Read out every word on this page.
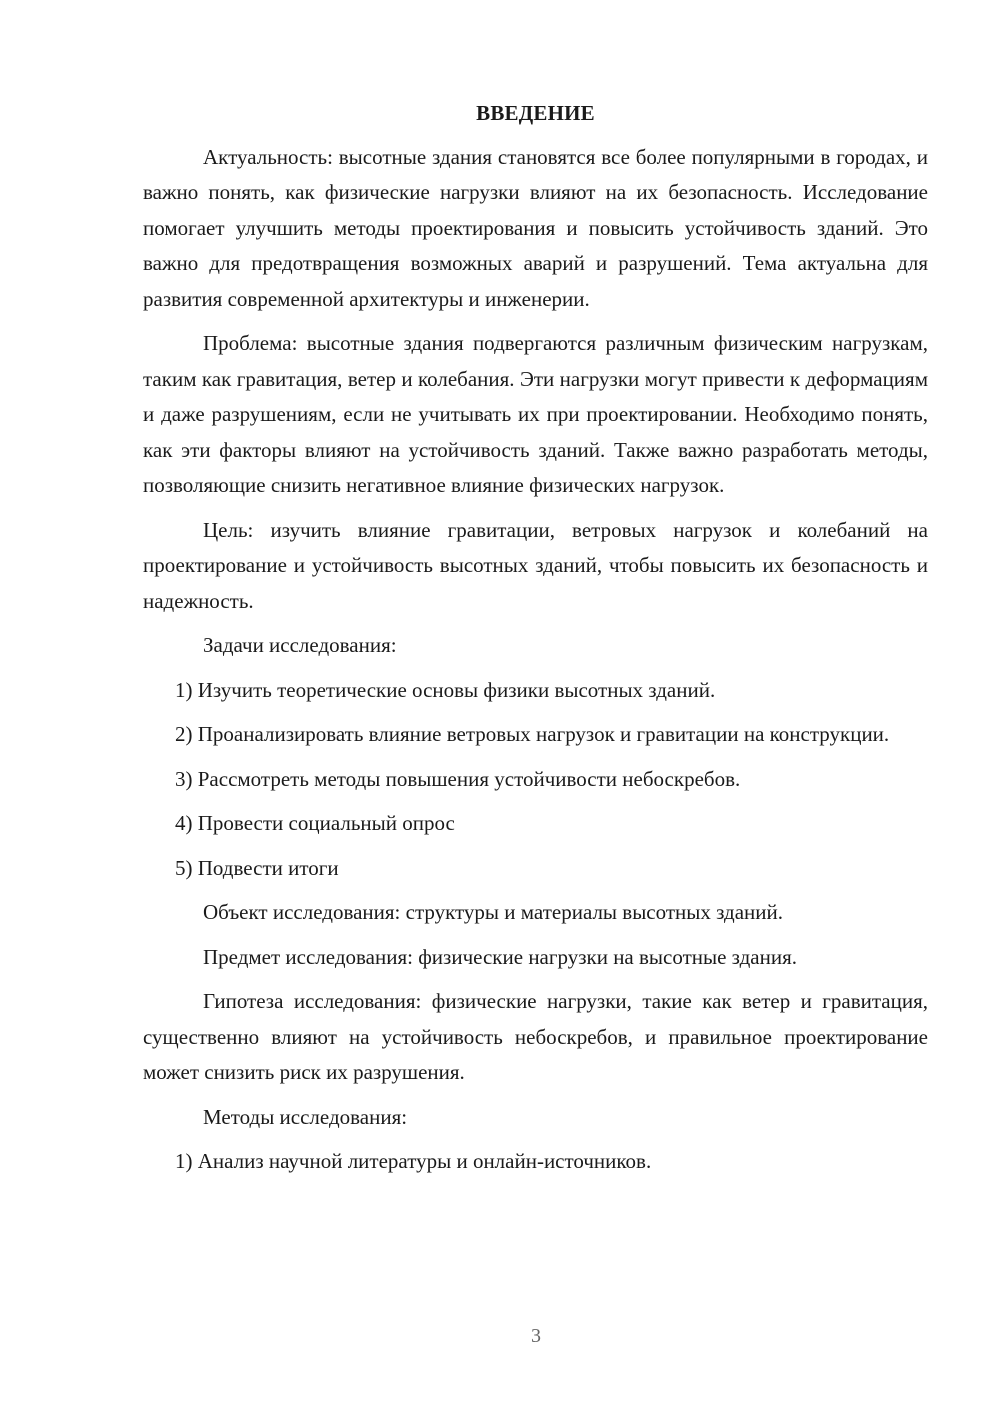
ВВЕДЕНИЕ

Актуальность: высотные здания становятся все более популярными в городах, и важно понять, как физические нагрузки влияют на их безопасность. Исследование помогает улучшить методы проектирования и повысить устойчивость зданий. Это важно для предотвращения возможных аварий и разрушений. Тема актуальна для развития современной архитектуры и инженерии.

Проблема: высотные здания подвергаются различным физическим нагрузкам, таким как гравитация, ветер и колебания. Эти нагрузки могут привести к деформациям и даже разрушениям, если не учитывать их при проектировании. Необходимо понять, как эти факторы влияют на устойчивость зданий. Также важно разработать методы, позволяющие снизить негативное влияние физических нагрузок.

Цель: изучить влияние гравитации, ветровых нагрузок и колебаний на проектирование и устойчивость высотных зданий, чтобы повысить их безопасность и надежность.

Задачи исследования:

1) Изучить теоретические основы физики высотных зданий.

2) Проанализировать влияние ветровых нагрузок и гравитации на конструкции.

3) Рассмотреть методы повышения устойчивости небоскребов.

4) Провести социальный опрос

5) Подвести итоги

Объект исследования: структуры и материалы высотных зданий.

Предмет исследования: физические нагрузки на высотные здания.

Гипотеза исследования: физические нагрузки, такие как ветер и гравитация, существенно влияют на устойчивость небоскребов, и правильное проектирование может снизить риск их разрушения.

Методы исследования:

1) Анализ научной литературы и онлайн-источников.

3
